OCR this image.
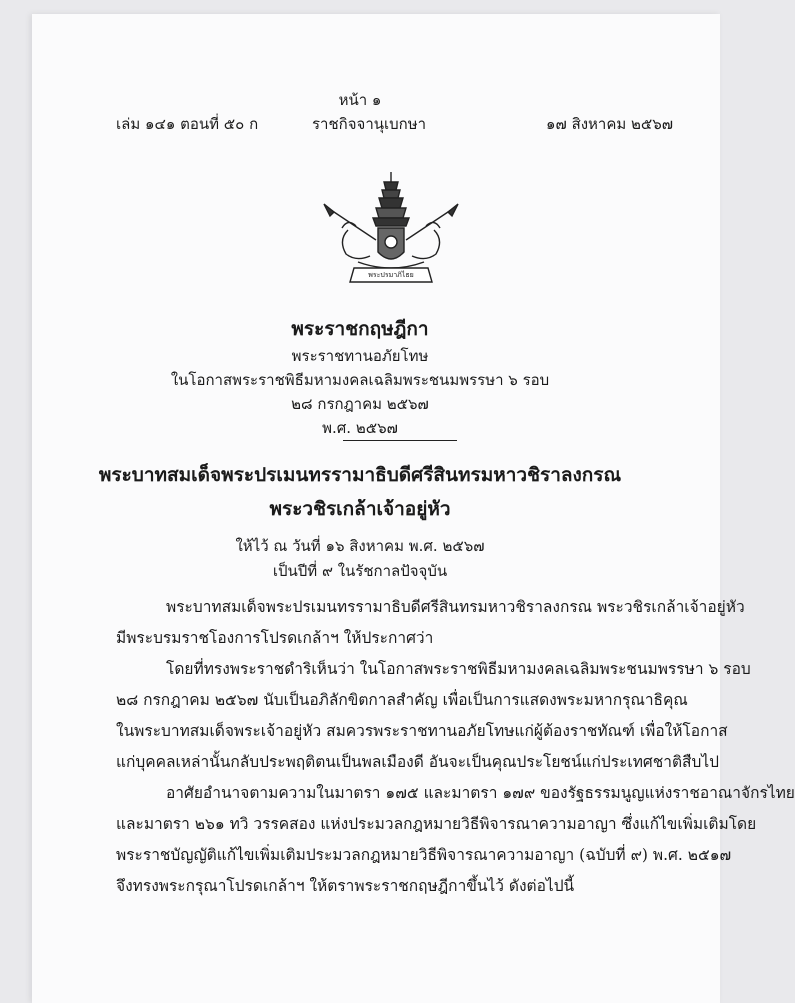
หน้า ๑
เล่ม ๑๔๑ ตอนที่ ๕๐ ก	ราชกิจจานุเบกษา	๑๗ สิงหาคม ๒๕๖๗
พระปรมาภิไธย
พระราชกฤษฎีกา
พระราชทานอภัยโทษ
ในโอกาสพระราชพิธีมหามงคลเฉลิมพระชนมพรรษา ๖ รอบ
๒๘ กรกฎาคม ๒๕๖๗
พ.ศ. ๒๕๖๗
พระบาทสมเด็จพระปรเมนทรรามาธิบดีศรีสินทรมหาวชิราลงกรณ
พระวชิรเกล้าเจ้าอยู่หัว
ให้ไว้ ณ วันที่ ๑๖ สิงหาคม พ.ศ. ๒๕๖๗
เป็นปีที่ ๙ ในรัชกาลปัจจุบัน
พระบาทสมเด็จพระปรเมนทรรามาธิบดีศรีสินทรมหาวชิราลงกรณ พระวชิรเกล้าเจ้าอยู่หัว
มีพระบรมราชโองการโปรดเกล้าฯ ให้ประกาศว่า
โดยที่ทรงพระราชดำริเห็นว่า ในโอกาสพระราชพิธีมหามงคลเฉลิมพระชนมพรรษา ๖ รอบ
๒๘ กรกฎาคม ๒๕๖๗ นับเป็นอภิลักขิตกาลสำคัญ เพื่อเป็นการแสดงพระมหากรุณาธิคุณ
ในพระบาทสมเด็จพระเจ้าอยู่หัว สมควรพระราชทานอภัยโทษแก่ผู้ต้องราชทัณฑ์ เพื่อให้โอกาส
แก่บุคคลเหล่านั้นกลับประพฤติตนเป็นพลเมืองดี อันจะเป็นคุณประโยชน์แก่ประเทศชาติสืบไป
อาศัยอำนาจตามความในมาตรา ๑๗๕ และมาตรา ๑๗๙ ของรัฐธรรมนูญแห่งราชอาณาจักรไทย
และมาตรา ๒๖๑ ทวิ วรรคสอง แห่งประมวลกฎหมายวิธีพิจารณาความอาญา ซึ่งแก้ไขเพิ่มเติมโดย
พระราชบัญญัติแก้ไขเพิ่มเติมประมวลกฎหมายวิธีพิจารณาความอาญา (ฉบับที่ ๙) พ.ศ. ๒๕๑๗
จึงทรงพระกรุณาโปรดเกล้าฯ ให้ตราพระราชกฤษฎีกาขึ้นไว้ ดังต่อไปนี้
